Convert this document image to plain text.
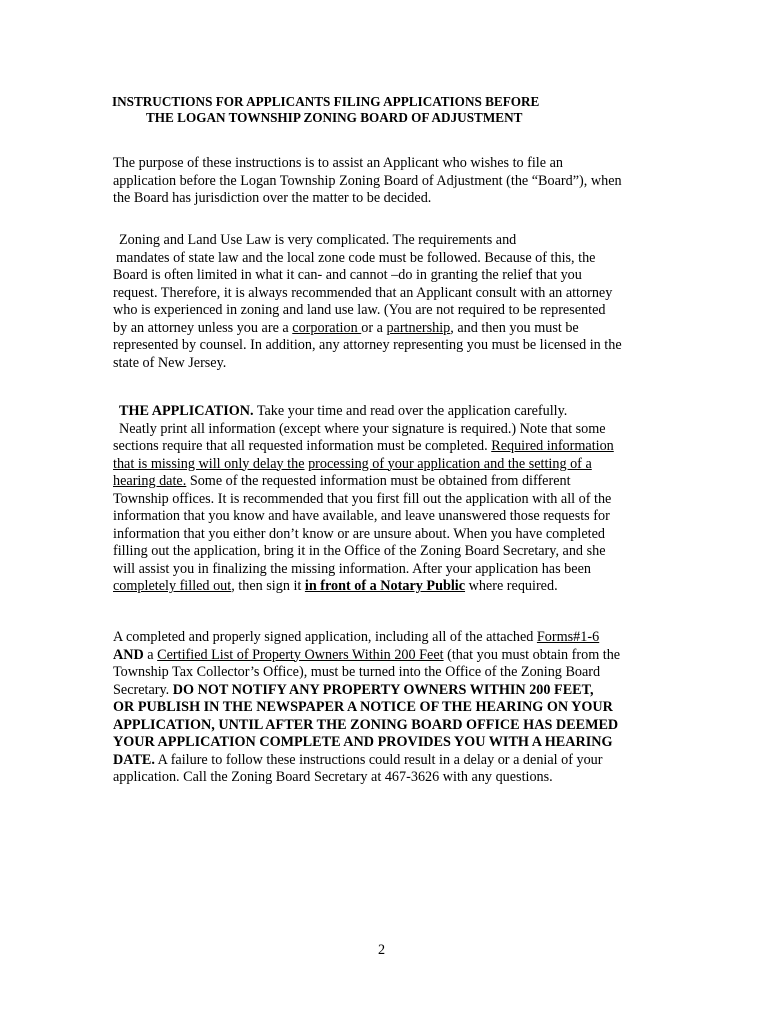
INSTRUCTIONS FOR APPLICANTS FILING APPLICATIONS BEFORE
THE LOGAN TOWNSHIP ZONING BOARD OF ADJUSTMENT
The purpose of these instructions is to assist an Applicant who wishes to file an
application before the Logan Township Zoning Board of Adjustment (the “Board”), when
the Board has jurisdiction over the matter to be decided.
Zoning and Land Use Law is very complicated. The requirements and
mandates of state law and the local zone code must be followed. Because of this, the
Board is often limited in what it can- and cannot –do in granting the relief that you
request. Therefore, it is always recommended that an Applicant consult with an attorney
who is experienced in zoning and land use law. (You are not required to be represented
by an attorney unless you are a corporation or a partnership, and then you must be
represented by counsel. In addition, any attorney representing you must be licensed in the
state of New Jersey.
THE APPLICATION. Take your time and read over the application carefully.
Neatly print all information (except where your signature is required.) Note that some
sections require that all requested information must be completed. Required information
that is missing will only delay the processing of your application and the setting of a
hearing date. Some of the requested information must be obtained from different
Township offices. It is recommended that you first fill out the application with all of the
information that you know and have available, and leave unanswered those requests for
information that you either don’t know or are unsure about. When you have completed
filling out the application, bring it in the Office of the Zoning Board Secretary, and she
will assist you in finalizing the missing information. After your application has been
completely filled out, then sign it in front of a Notary Public where required.
A completed and properly signed application, including all of the attached Forms#1-6
AND a Certified List of Property Owners Within 200 Feet (that you must obtain from the
Township Tax Collector’s Office), must be turned into the Office of the Zoning Board
Secretary. DO NOT NOTIFY ANY PROPERTY OWNERS WITHIN 200 FEET,
OR PUBLISH IN THE NEWSPAPER A NOTICE OF THE HEARING ON YOUR
APPLICATION, UNTIL AFTER THE ZONING BOARD OFFICE HAS DEEMED
YOUR APPLICATION COMPLETE AND PROVIDES YOU WITH A HEARING
DATE. A failure to follow these instructions could result in a delay or a denial of your
application. Call the Zoning Board Secretary at 467-3626 with any questions.
2
